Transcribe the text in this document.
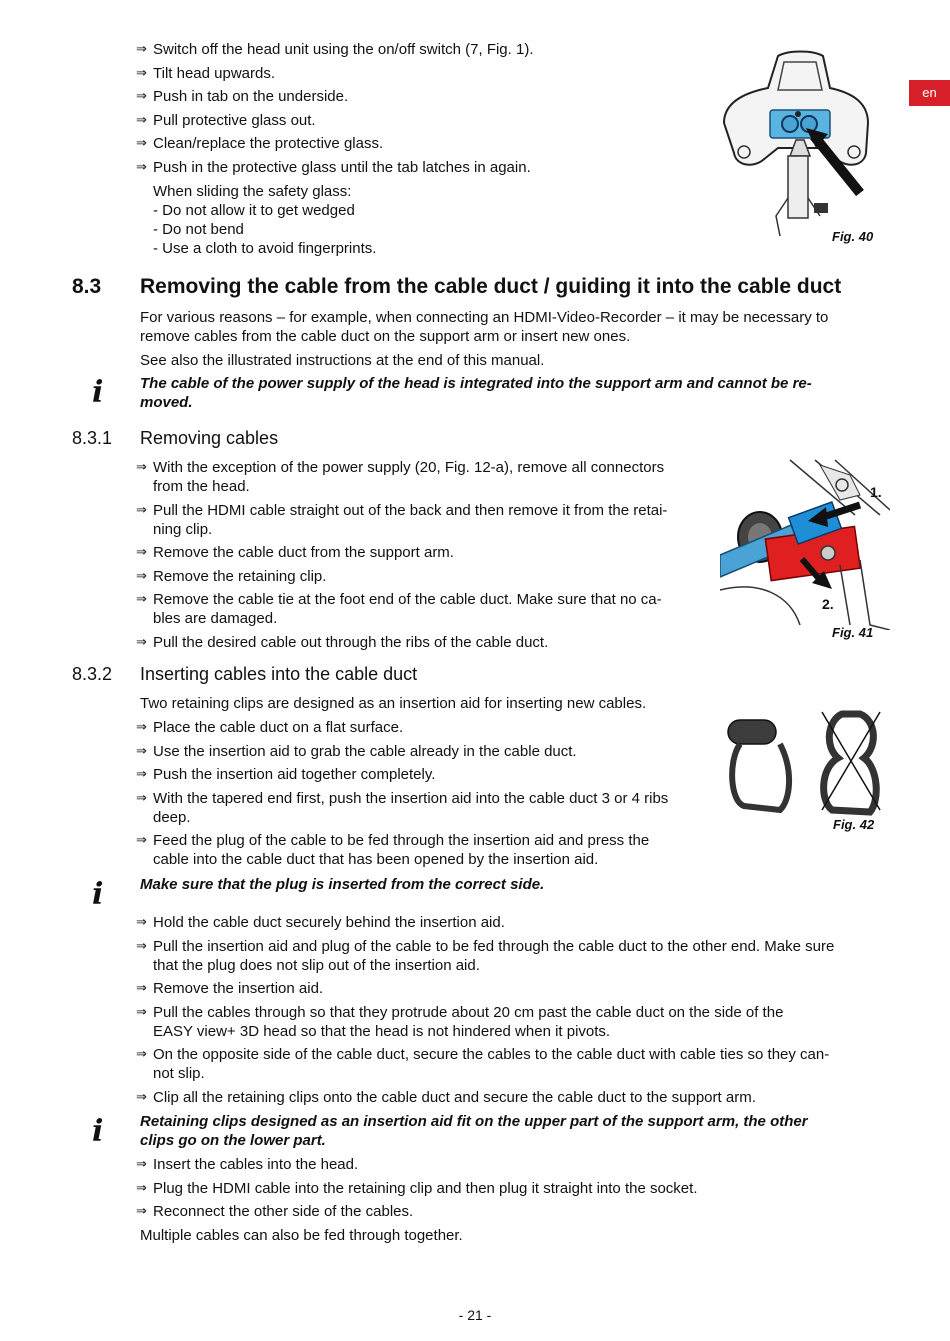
en
⇒ Switch off the head unit using the on/off switch (7, Fig. 1).
⇒ Tilt head upwards.
⇒ Push in tab on the underside.
⇒ Pull protective glass out.
⇒ Clean/replace the protective glass.
⇒ Push in the protective glass until the tab latches in again.
When sliding the safety glass:
- Do not allow it to get wedged
- Do not bend
- Use a cloth to avoid fingerprints.
Fig. 40
8.3 Removing the cable from the cable duct / guiding it into the cable duct
For various reasons – for example, when connecting an HDMI-Video-Recorder – it may be necessary to
remove cables from the cable duct on the support arm or insert new ones.
See also the illustrated instructions at the end of this manual.
i	The cable of the power supply of the head is integrated into the support arm and cannot be re-
moved.
8.3.1 Removing cables
⇒ With the exception of the power supply (20, Fig. 12-a), remove all connectors
from the head.
⇒ Pull the HDMI cable straight out of the back and then remove it from the retai-
ning clip.
⇒ Remove the cable duct from the support arm.
⇒ Remove the retaining clip.
⇒ Remove the cable tie at the foot end of the cable duct. Make sure that no ca-
bles are damaged.
⇒ Pull the desired cable out through the ribs of the cable duct.
1.
2.
Fig. 41
8.3.2 Inserting cables into the cable duct
Two retaining clips are designed as an insertion aid for inserting new cables.
⇒ Place the cable duct on a flat surface.
⇒ Use the insertion aid to grab the cable already in the cable duct.
⇒ Push the insertion aid together completely.
⇒ With the tapered end first, push the insertion aid into the cable duct 3 or 4 ribs
deep.
⇒ Feed the plug of the cable to be fed through the insertion aid and press the
cable into the cable duct that has been opened by the insertion aid.
Fig. 42
i	Make sure that the plug is inserted from the correct side.
⇒ Hold the cable duct securely behind the insertion aid.
⇒ Pull the insertion aid and plug of the cable to be fed through the cable duct to the other end. Make sure
that the plug does not slip out of the insertion aid.
⇒ Remove the insertion aid.
⇒ Pull the cables through so that they protrude about 20 cm past the cable duct on the side of the
EASY view+ 3D head so that the head is not hindered when it pivots.
⇒ On the opposite side of the cable duct, secure the cables to the cable duct with cable ties so they can-
not slip.
⇒ Clip all the retaining clips onto the cable duct and secure the cable duct to the support arm.
i	Retaining clips designed as an insertion aid fit on the upper part of the support arm, the other
clips go on the lower part.
⇒ Insert the cables into the head.
⇒ Plug the HDMI cable into the retaining clip and then plug it straight into the socket.
⇒ Reconnect the other side of the cables.
Multiple cables can also be fed through together.
- 21 -
